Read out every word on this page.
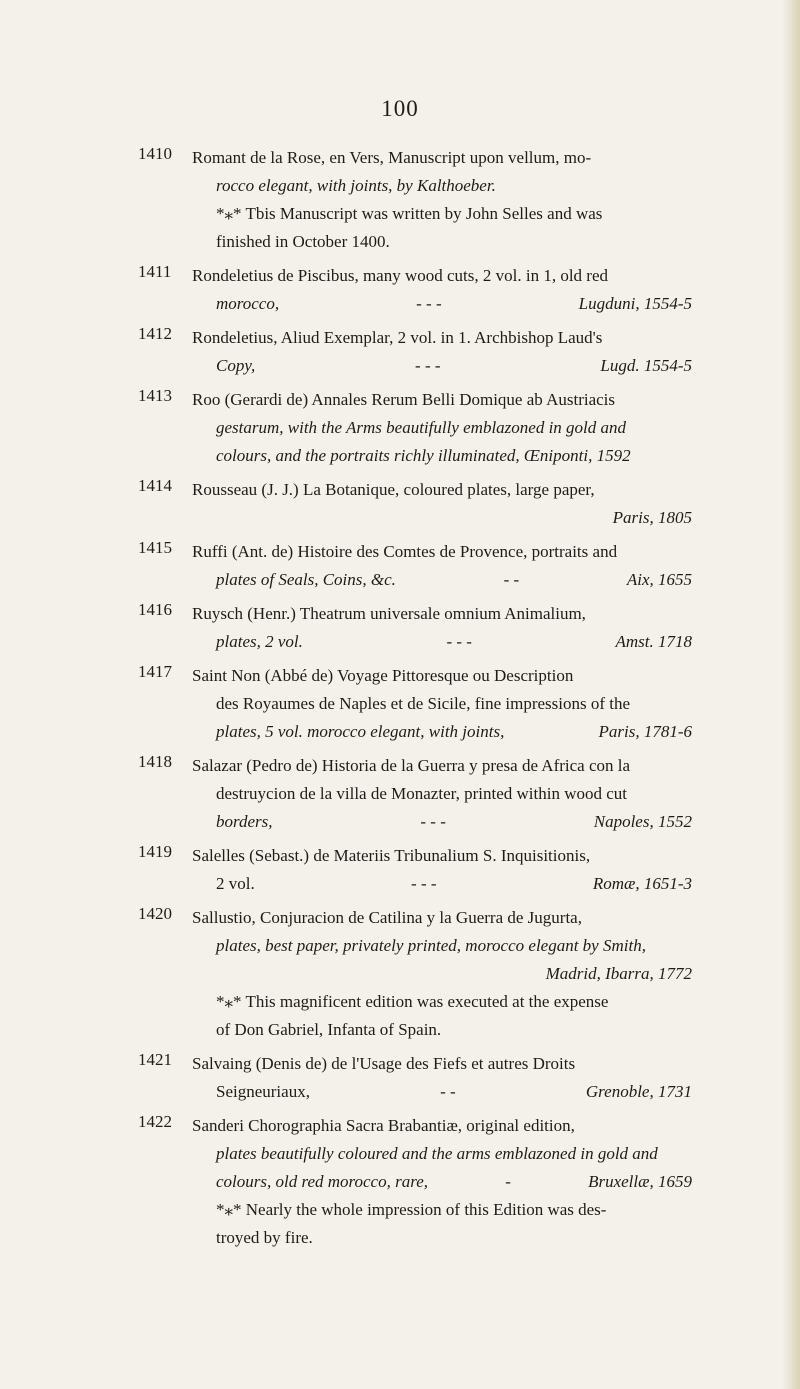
100
1410 Romant de la Rose, en Vers, Manuscript upon vellum, mo-
rocco elegant, with joints, by Kalthoeber.
*⁎* Tbis Manuscript was written by John Selles and was
finished in October 1400.
1411 Rondeletius de Piscibus, many wood cuts, 2 vol. in 1, old red
morocco,	- - -	Lugduni, 1554-5
1412 Rondeletius, Aliud Exemplar, 2 vol. in 1. Archbishop Laud's
Copy,	- - -	Lugd. 1554-5
1413 Roo (Gerardi de) Annales Rerum Belli Domique ab Austriacis
gestarum, with the Arms beautifully emblazoned in gold and
colours, and the portraits richly illuminated, Œniponti, 1592
1414 Rousseau (J. J.) La Botanique, coloured plates, large paper,
Paris, 1805
1415 Ruffi (Ant. de) Histoire des Comtes de Provence, portraits and
plates of Seals, Coins, &c.	- -	Aix, 1655
1416 Ruysch (Henr.) Theatrum universale omnium Animalium,
plates, 2 vol.	- - -	Amst. 1718
1417 Saint Non (Abbé de) Voyage Pittoresque ou Description
des Royaumes de Naples et de Sicile, fine impressions of the
plates, 5 vol. morocco elegant, with joints,	Paris, 1781-6
1418 Salazar (Pedro de) Historia de la Guerra y presa de Africa con la
destruycion de la villa de Monazter, printed within wood cut
borders,	- - -	Napoles, 1552
1419 Salelles (Sebast.) de Materiis Tribunalium S. Inquisitionis,
2 vol.	- - -	Romæ, 1651-3
1420 Sallustio, Conjuracion de Catilina y la Guerra de Jugurta,
plates, best paper, privately printed, morocco elegant by Smith,
Madrid, Ibarra, 1772
*⁎* This magnificent edition was executed at the expense
of Don Gabriel, Infanta of Spain.
1421 Salvaing (Denis de) de l'Usage des Fiefs et autres Droits
Seigneuriaux,	- -	Grenoble, 1731
1422 Sanderi Chorographia Sacra Brabantiæ, original edition,
plates beautifully coloured and the arms emblazoned in gold and
colours, old red morocco, rare,	-	Bruxellæ, 1659
*⁎* Nearly the whole impression of this Edition was des-
troyed by fire.
